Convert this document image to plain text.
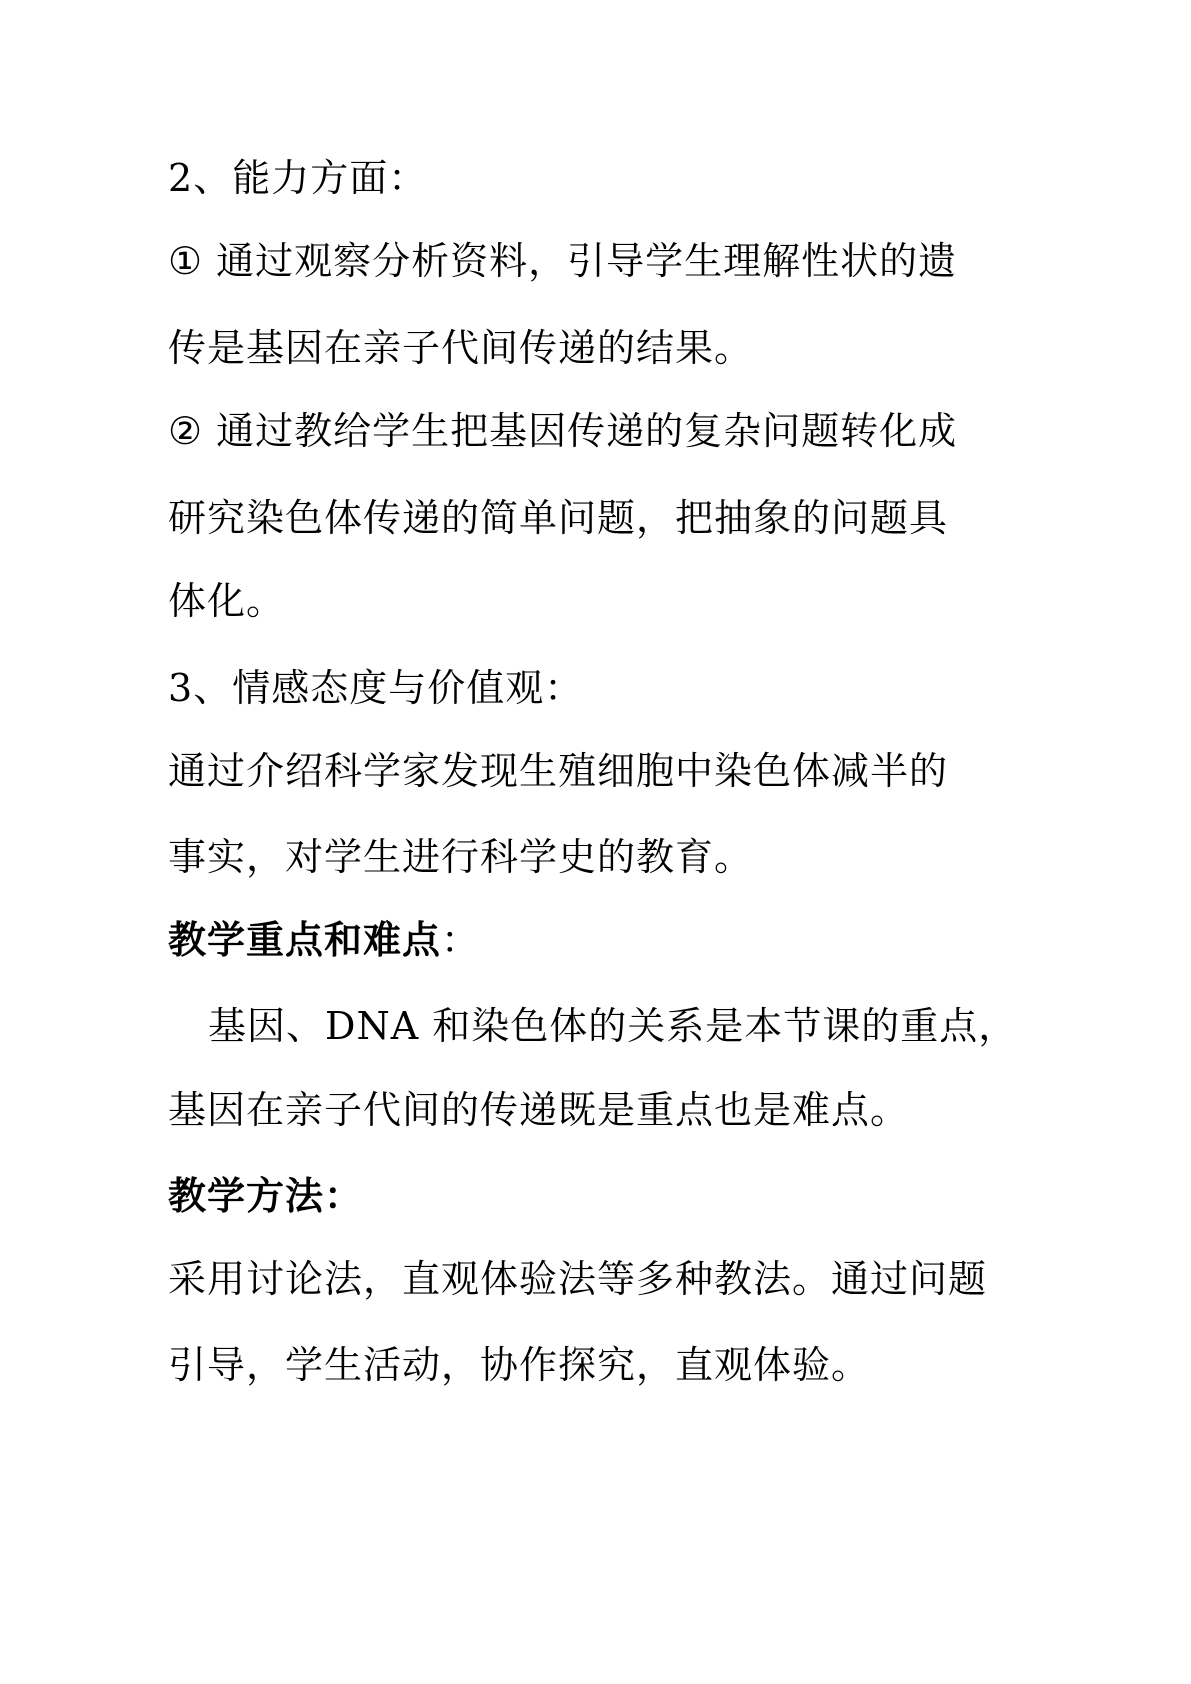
2、能力方面：
① 通过观察分析资料，引导学生理解性状的遗
传是基因在亲子代间传递的结果。
② 通过教给学生把基因传递的复杂问题转化成
研究染色体传递的简单问题，把抽象的问题具
体化。
3、情感态度与价值观：
通过介绍科学家发现生殖细胞中染色体减半的
事实，对学生进行科学史的教育。
教学重点和难点：
基因、DNA 和染色体的关系是本节课的重点，
基因在亲子代间的传递既是重点也是难点。
教学方法：
采用讨论法，直观体验法等多种教法。通过问题
引导，学生活动，协作探究，直观体验。
